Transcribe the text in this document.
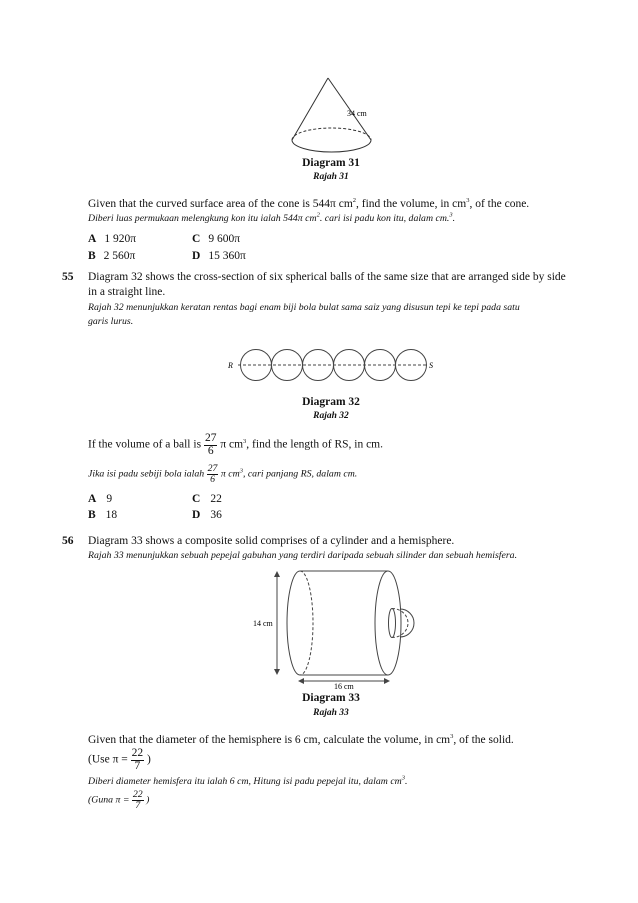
34 cm
Diagram 31
Rajah 31
Given that the curved surface area of the cone is 544π $cm^2$, find the volume, in $cm^3$, of the cone.
Diberi luas permukaan melengkung kon itu ialah 544π $cm^2$. cari isi padu kon itu, dalam cm.$^3$.
A 1 920π	C 9 600π
B 2 560π	D 15 360π
55 Diagram 32 shows the cross-section of six spherical balls of the same size that are arranged side by side
in a straight line.
Rajah 32 menunjukkan keratan rentas bagi enam biji bola bulat sama saiz yang disusun tepi ke tepi pada satu
garis lurus.
R	S
Diagram 32
Rajah 32
If the volume of a ball is $\frac{27}{6}$ π $cm^3$, find the length of RS, in cm.
Jika isi padu sebiji bola ialah $\frac{27}{6}$ π $cm^3$, cari panjang RS, dalam cm.
A 9	C 22
B 18	D 36
56 Diagram 33 shows a composite solid comprises of a cylinder and a hemisphere.
Rajah 33 menunjukkan sebuah pepejal gabuhan yang terdiri daripada sebuah silinder dan sebuah hemisfera.
14 cm
16 cm
Diagram 33
Rajah 33
Given that the diameter of the hemisphere is 6 cm, calculate the volume, in $cm^3$, of the solid.
(Use $\pi = \frac{22}{7}$ )
Diberi diameter hemisfera itu ialah 6 cm, Hitung isi padu pepejal itu, dalam $cm^3$.
(Guna $\pi = \frac{22}{7}$ )
